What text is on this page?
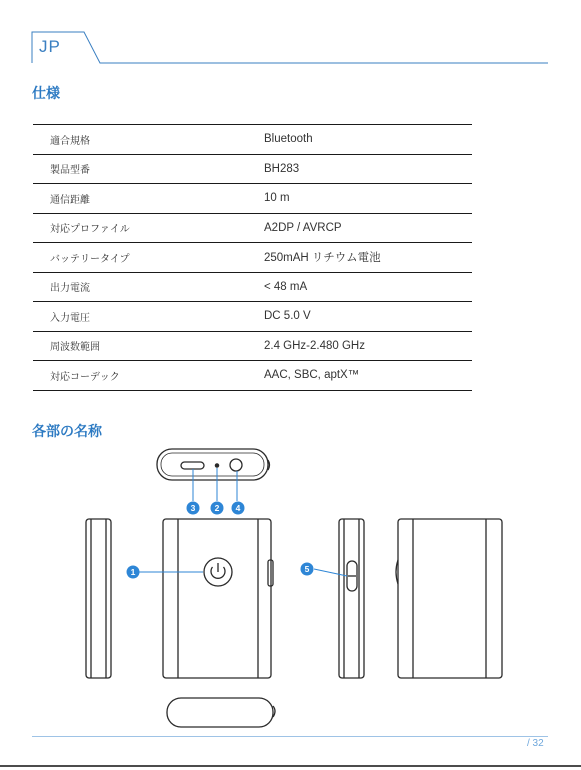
JP
仕様
適合規格	Bluetooth
製品型番	BH283
通信距離	10 m
対応プロファイル	A2DP / AVRCP
バッテリータイプ	250mAH リチウム電池
出力電流	< 48 mA
入力電圧	DC 5.0 V
周波数範囲	2.4 GHz-2.480 GHz
対応コーデック	AAC, SBC, aptX™
各部の名称
3 2 4
1	5
/ 32
